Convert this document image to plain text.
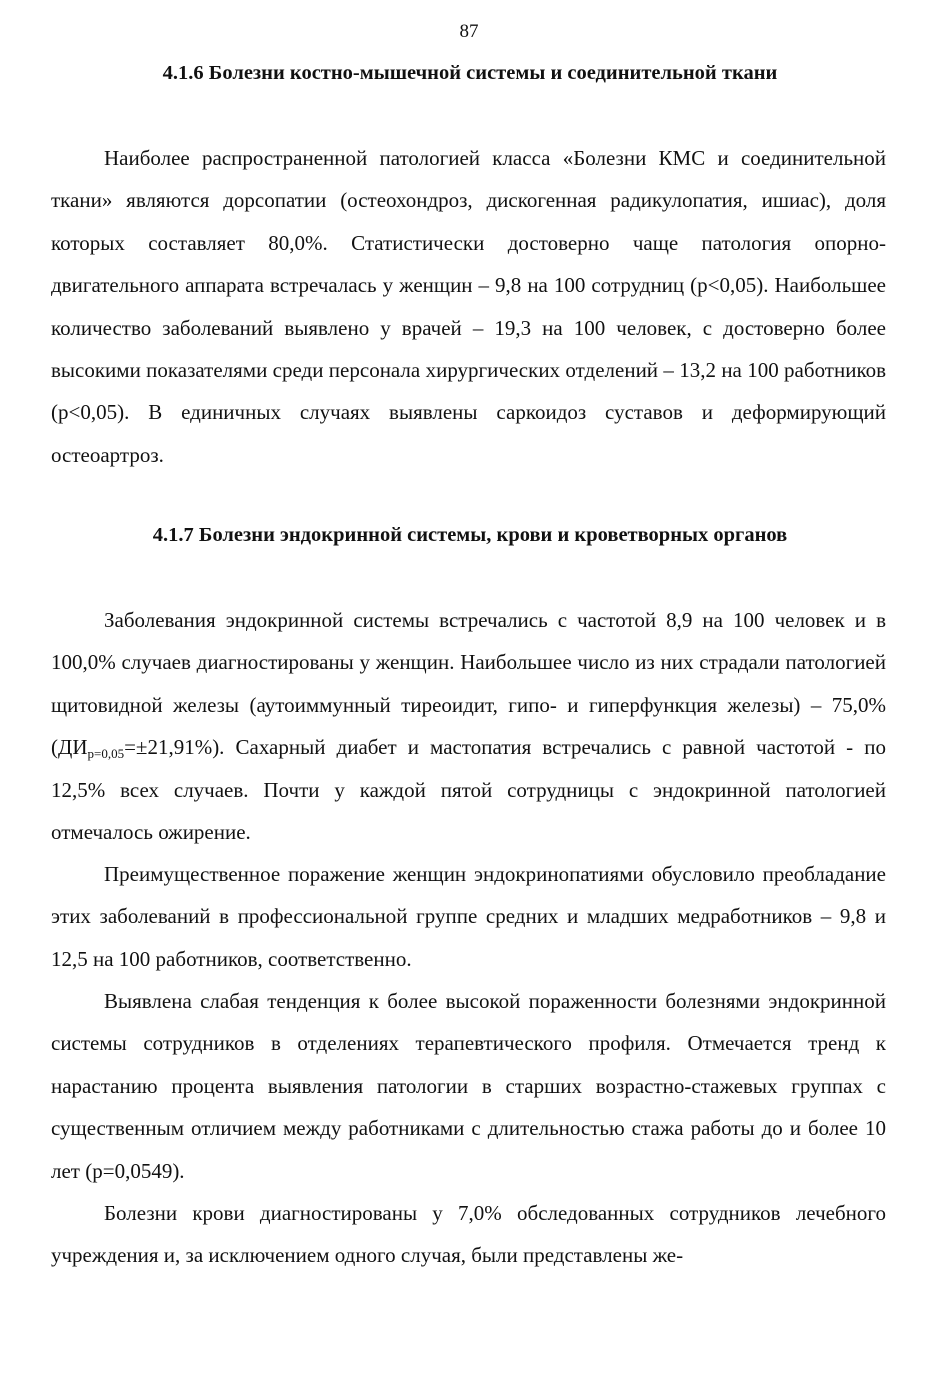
87
4.1.6 Болезни костно-мышечной системы и соединительной ткани

Наиболее распространенной патологией класса «Болезни КМС и соединительной ткани» являются дорсопатии (остеохондроз, дискогенная радикулопатия, ишиас), доля которых составляет 80,0%. Статистически достоверно чаще патология опорно-двигательного аппарата встречалась у женщин – 9,8 на 100 сотрудниц (р<0,05). Наибольшее количество заболеваний выявлено у врачей – 19,3 на 100 человек, с достоверно более высокими показателями среди персонала хирургических отделений – 13,2 на 100 работников (р<0,05). В единичных случаях выявлены саркоидоз суставов и деформирующий остеоартроз.

4.1.7 Болезни эндокринной системы, крови и кроветворных органов

Заболевания эндокринной системы встречались с частотой 8,9 на 100 человек и в 100,0% случаев диагностированы у женщин. Наибольшее число из них страдали патологией щитовидной железы (аутоиммунный тиреоидит, гипо- и гиперфункция железы) – 75,0% $(ДИ_{р=0,05}=\pm 21,91\%)$. Сахарный диабет и мастопатия встречались с равной частотой - по 12,5% всех случаев. Почти у каждой пятой сотрудницы с эндокринной патологией отмечалось ожирение.

Преимущественное поражение женщин эндокринопатиями обусловило преобладание этих заболеваний в профессиональной группе средних и младших медработников – 9,8 и 12,5 на 100 работников, соответственно.

Выявлена слабая тенденция к более высокой пораженности болезнями эндокринной системы сотрудников в отделениях терапевтического профиля. Отмечается тренд к нарастанию процента выявления патологии в старших возрастно-стажевых группах с существенным отличием между работниками с длительностью стажа работы до и более 10 лет (р=0,0549).

Болезни крови диагностированы у 7,0% обследованных сотрудников лечебного учреждения и, за исключением одного случая, были представлены же-
